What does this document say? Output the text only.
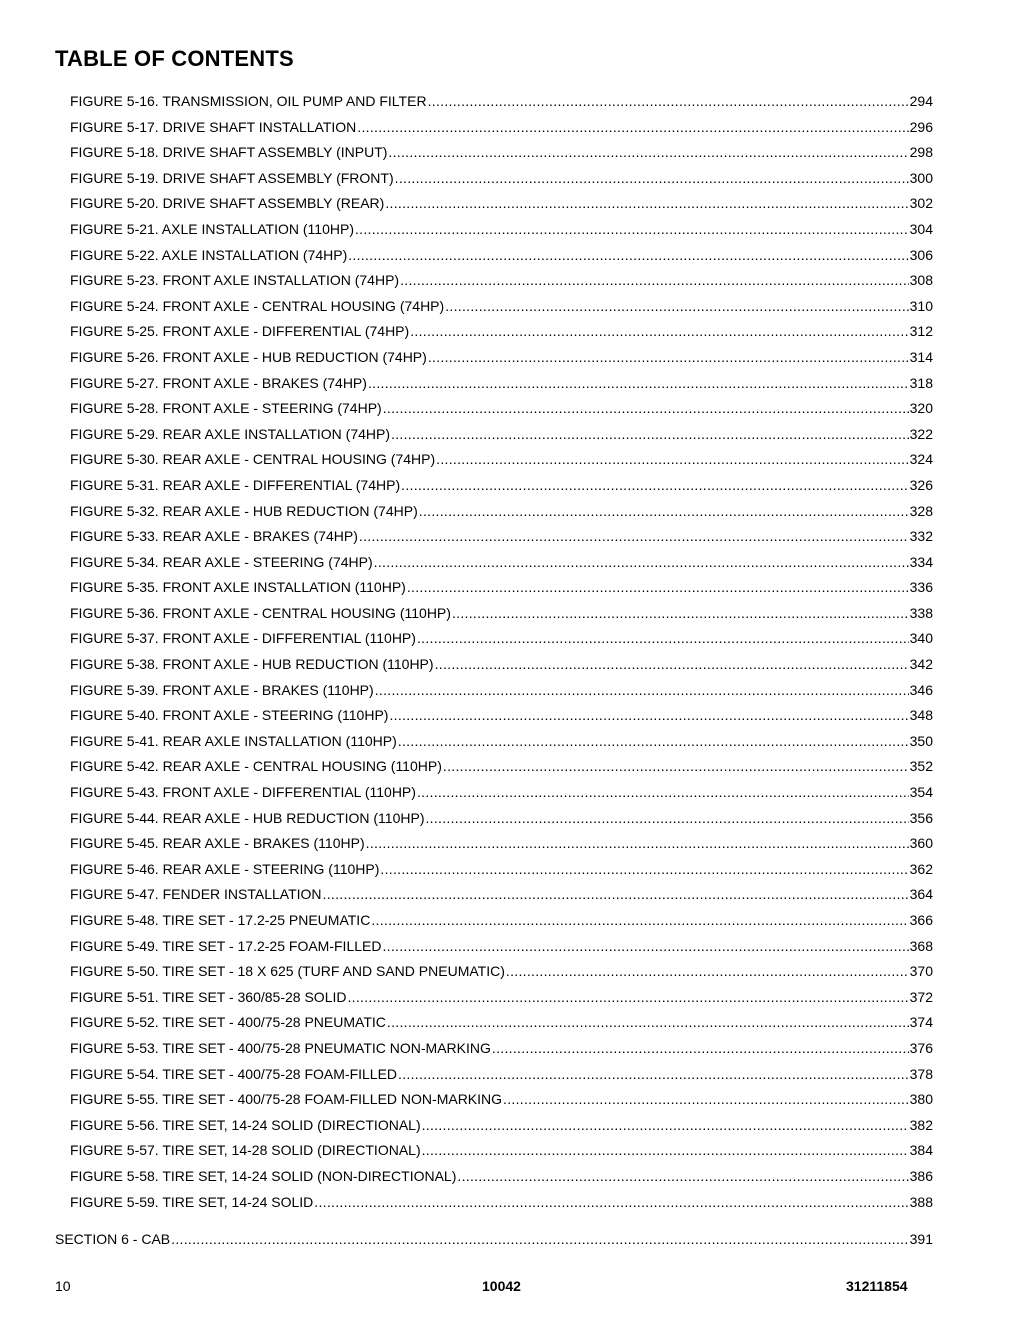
TABLE OF CONTENTS
FIGURE 5-16. TRANSMISSION, OIL PUMP AND FILTER .....	294
FIGURE 5-17. DRIVE SHAFT INSTALLATION .....	296
FIGURE 5-18. DRIVE SHAFT ASSEMBLY (INPUT) .....	298
FIGURE 5-19. DRIVE SHAFT ASSEMBLY (FRONT) .....	300
FIGURE 5-20. DRIVE SHAFT ASSEMBLY (REAR) .....	302
FIGURE 5-21. AXLE INSTALLATION (110HP) .....	304
FIGURE 5-22. AXLE INSTALLATION (74HP) .....	306
FIGURE 5-23. FRONT AXLE INSTALLATION (74HP) .....	308
FIGURE 5-24. FRONT AXLE - CENTRAL HOUSING (74HP) .....	310
FIGURE 5-25. FRONT AXLE - DIFFERENTIAL (74HP) .....	312
FIGURE 5-26. FRONT AXLE - HUB REDUCTION (74HP) .....	314
FIGURE 5-27. FRONT AXLE - BRAKES (74HP) .....	318
FIGURE 5-28. FRONT AXLE - STEERING (74HP) .....	320
FIGURE 5-29. REAR AXLE INSTALLATION (74HP) .....	322
FIGURE 5-30. REAR AXLE - CENTRAL HOUSING (74HP) .....	324
FIGURE 5-31. REAR AXLE - DIFFERENTIAL (74HP) .....	326
FIGURE 5-32. REAR AXLE - HUB REDUCTION (74HP) .....	328
FIGURE 5-33. REAR AXLE - BRAKES (74HP) .....	332
FIGURE 5-34. REAR AXLE - STEERING (74HP) .....	334
FIGURE 5-35. FRONT AXLE INSTALLATION (110HP) .....	336
FIGURE 5-36. FRONT AXLE - CENTRAL HOUSING (110HP) .....	338
FIGURE 5-37. FRONT AXLE - DIFFERENTIAL (110HP) .....	340
FIGURE 5-38. FRONT AXLE - HUB REDUCTION (110HP) .....	342
FIGURE 5-39. FRONT AXLE - BRAKES (110HP) .....	346
FIGURE 5-40. FRONT AXLE - STEERING (110HP) .....	348
FIGURE 5-41. REAR AXLE INSTALLATION (110HP) .....	350
FIGURE 5-42. REAR AXLE - CENTRAL HOUSING (110HP) .....	352
FIGURE 5-43. FRONT AXLE - DIFFERENTIAL (110HP) .....	354
FIGURE 5-44. REAR AXLE - HUB REDUCTION (110HP) .....	356
FIGURE 5-45. REAR AXLE - BRAKES (110HP) .....	360
FIGURE 5-46. REAR AXLE - STEERING (110HP) .....	362
FIGURE 5-47. FENDER INSTALLATION .....	364
FIGURE 5-48. TIRE SET - 17.2-25 PNEUMATIC .....	366
FIGURE 5-49. TIRE SET - 17.2-25 FOAM-FILLED .....	368
FIGURE 5-50. TIRE SET - 18 X 625 (TURF AND SAND PNEUMATIC) .....	370
FIGURE 5-51. TIRE SET - 360/85-28 SOLID .....	372
FIGURE 5-52. TIRE SET - 400/75-28 PNEUMATIC .....	374
FIGURE 5-53. TIRE SET - 400/75-28 PNEUMATIC NON-MARKING .....	376
FIGURE 5-54. TIRE SET - 400/75-28 FOAM-FILLED .....	378
FIGURE 5-55. TIRE SET - 400/75-28 FOAM-FILLED NON-MARKING .....	380
FIGURE 5-56. TIRE SET, 14-24 SOLID (DIRECTIONAL) .....	382
FIGURE 5-57. TIRE SET, 14-28 SOLID (DIRECTIONAL) .....	384
FIGURE 5-58. TIRE SET, 14-24 SOLID (NON-DIRECTIONAL) .....	386
FIGURE 5-59. TIRE SET, 14-24 SOLID .....	388
SECTION 6 - CAB .....	391
10	10042	31211854
